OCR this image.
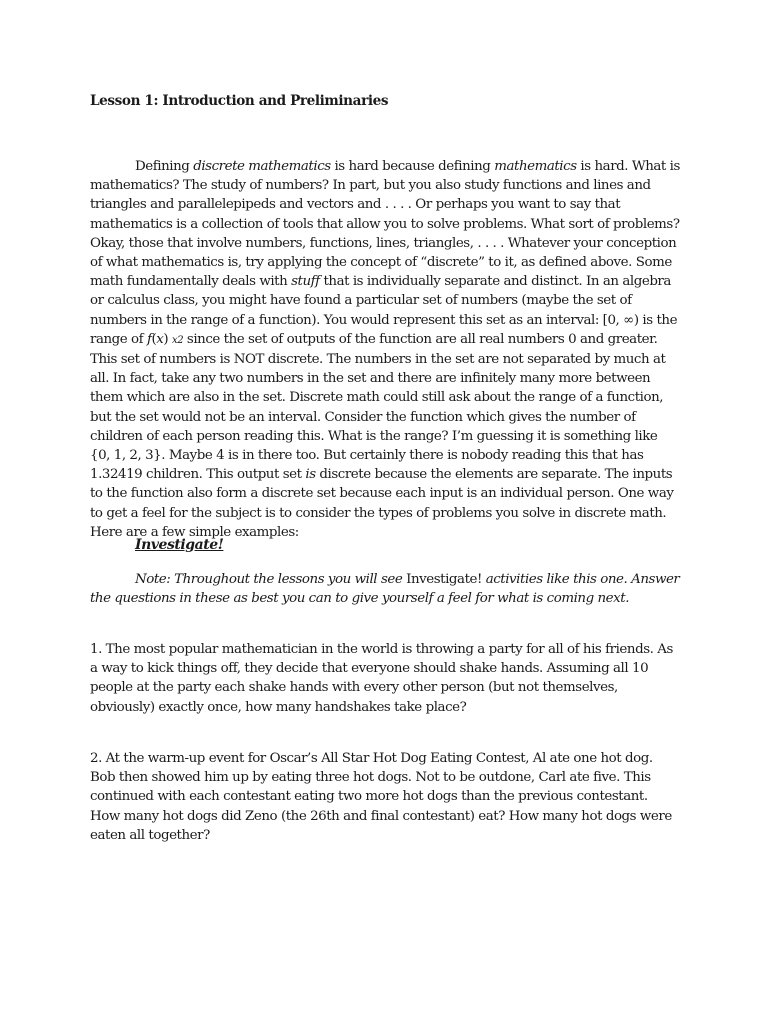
Lesson 1: Introduction and Preliminaries

Defining discrete mathematics is hard because defining mathematics is hard. What is mathematics? The study of numbers? In part, but you also study functions and lines and triangles and parallelepipeds and vectors and . . . . Or perhaps you want to say that mathematics is a collection of tools that allow you to solve problems. What sort of problems? Okay, those that involve numbers, functions, lines, triangles, . . . . Whatever your conception of what mathematics is, try applying the concept of “discrete” to it, as defined above. Some math fundamentally deals with stuff that is individually separate and distinct. In an algebra or calculus class, you might have found a particular set of numbers (maybe the set of numbers in the range of a function). You would represent this set as an interval: [0, ∞) is the range of f(x) x2 since the set of outputs of the function are all real numbers 0 and greater. This set of numbers is NOT discrete. The numbers in the set are not separated by much at all. In fact, take any two numbers in the set and there are infinitely many more between them which are also in the set. Discrete math could still ask about the range of a function, but the set would not be an interval. Consider the function which gives the number of children of each person reading this. What is the range? I’m guessing it is something like {0, 1, 2, 3}. Maybe 4 is in there too. But certainly there is nobody reading this that has 1.32419 children. This output set is discrete because the elements are separate. The inputs to the function also form a discrete set because each input is an individual person. One way to get a feel for the subject is to consider the types of problems you solve in discrete math. Here are a few simple examples:

Investigate!

Note: Throughout the lessons you will see Investigate! activities like this one. Answer the questions in these as best you can to give yourself a feel for what is coming next.

1. The most popular mathematician in the world is throwing a party for all of his friends. As a way to kick things off, they decide that everyone should shake hands. Assuming all 10 people at the party each shake hands with every other person (but not themselves, obviously) exactly once, how many handshakes take place?

2. At the warm-up event for Oscar’s All Star Hot Dog Eating Contest, Al ate one hot dog. Bob then showed him up by eating three hot dogs. Not to be outdone, Carl ate five. This continued with each contestant eating two more hot dogs than the previous contestant. How many hot dogs did Zeno (the 26th and final contestant) eat? How many hot dogs were eaten all together?
